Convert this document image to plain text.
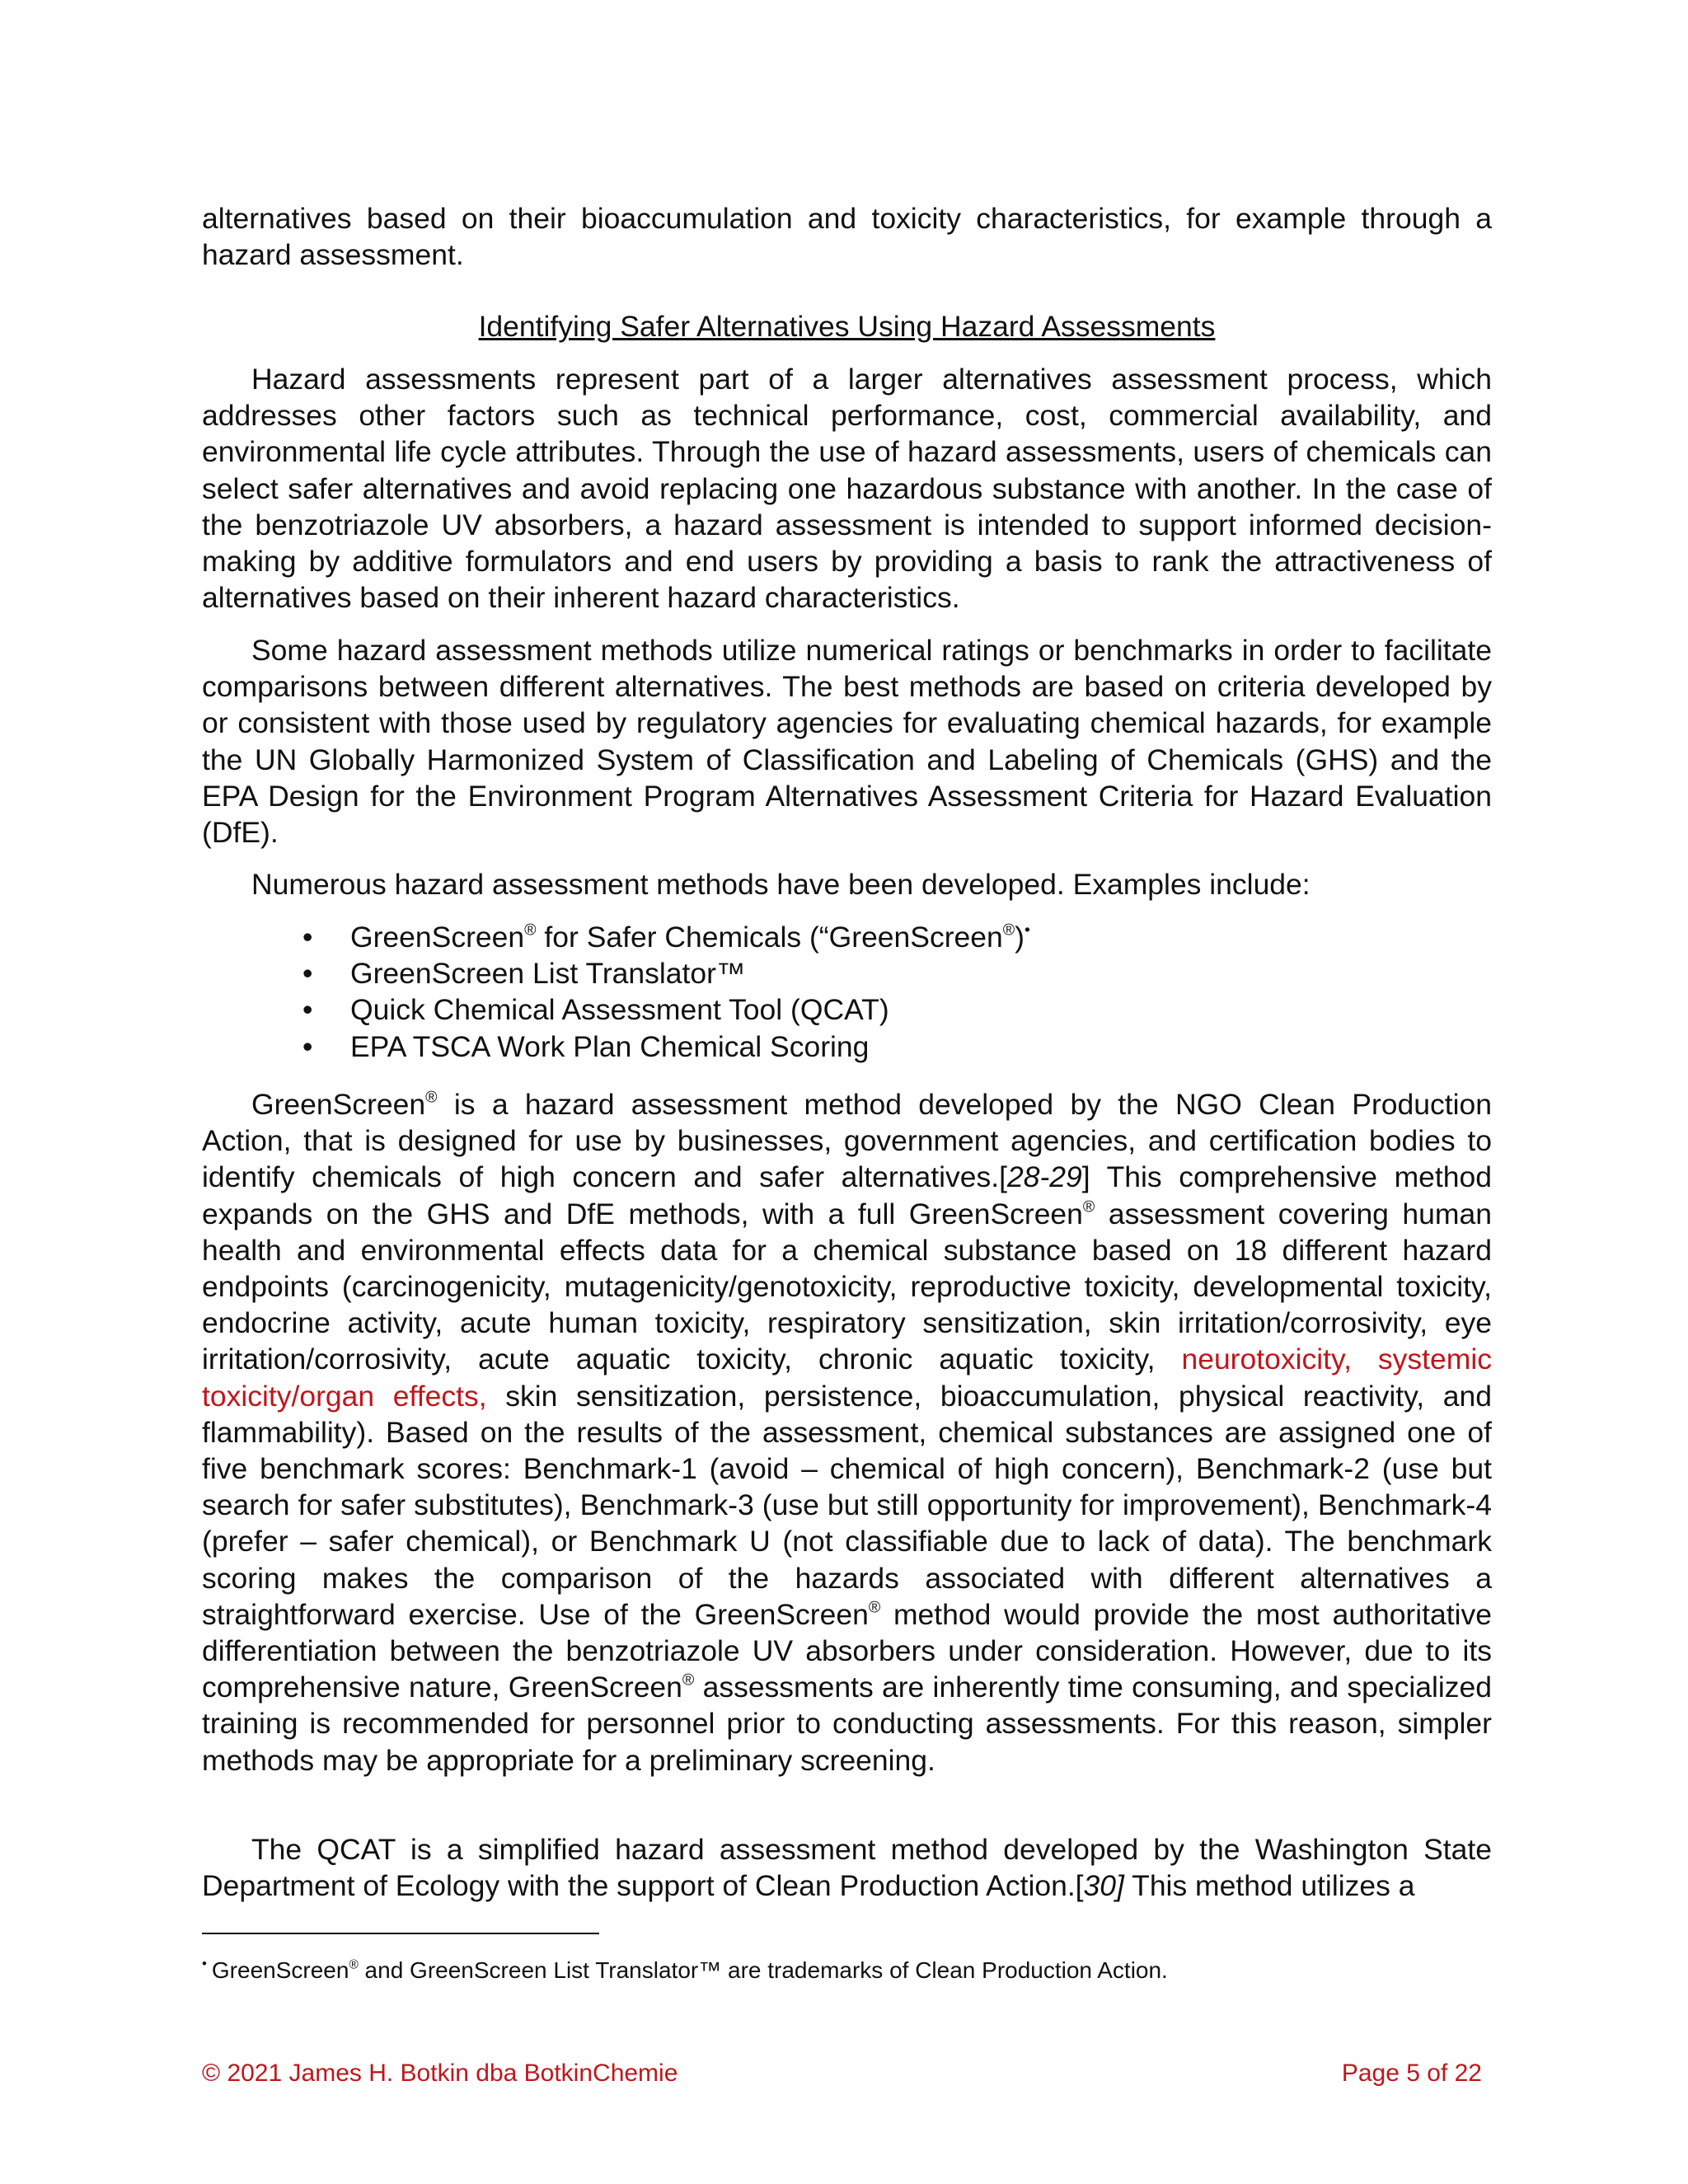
alternatives based on their bioaccumulation and toxicity characteristics, for example through a hazard assessment.

Identifying Safer Alternatives Using Hazard Assessments

Hazard assessments represent part of a larger alternatives assessment process, which addresses other factors such as technical performance, cost, commercial availability, and environmental life cycle attributes. Through the use of hazard assessments, users of chemicals can select safer alternatives and avoid replacing one hazardous substance with another. In the case of the benzotriazole UV absorbers, a hazard assessment is intended to support informed decision-making by additive formulators and end users by providing a basis to rank the attractiveness of alternatives based on their inherent hazard characteristics.

Some hazard assessment methods utilize numerical ratings or benchmarks in order to facilitate comparisons between different alternatives. The best methods are based on criteria developed by or consistent with those used by regulatory agencies for evaluating chemical hazards, for example the UN Globally Harmonized System of Classification and Labeling of Chemicals (GHS) and the EPA Design for the Environment Program Alternatives Assessment Criteria for Hazard Evaluation (DfE).

Numerous hazard assessment methods have been developed. Examples include:

• GreenScreen® for Safer Chemicals (“GreenScreen®)•
• GreenScreen List Translator™
• Quick Chemical Assessment Tool (QCAT)
• EPA TSCA Work Plan Chemical Scoring

GreenScreen® is a hazard assessment method developed by the NGO Clean Production Action, that is designed for use by businesses, government agencies, and certification bodies to identify chemicals of high concern and safer alternatives.[28-29] This comprehensive method expands on the GHS and DfE methods, with a full GreenScreen® assessment covering human health and environmental effects data for a chemical substance based on 18 different hazard endpoints (carcinogenicity, mutagenicity/genotoxicity, reproductive toxicity, developmental toxicity, endocrine activity, acute human toxicity, respiratory sensitization, skin irritation/corrosivity, eye irritation/corrosivity, acute aquatic toxicity, chronic aquatic toxicity, neurotoxicity, systemic toxicity/organ effects, skin sensitization, persistence, bioaccumulation, physical reactivity, and flammability). Based on the results of the assessment, chemical substances are assigned one of five benchmark scores: Benchmark-1 (avoid – chemical of high concern), Benchmark-2 (use but search for safer substitutes), Benchmark-3 (use but still opportunity for improvement), Benchmark-4 (prefer – safer chemical), or Benchmark U (not classifiable due to lack of data). The benchmark scoring makes the comparison of the hazards associated with different alternatives a straightforward exercise. Use of the GreenScreen® method would provide the most authoritative differentiation between the benzotriazole UV absorbers under consideration. However, due to its comprehensive nature, GreenScreen® assessments are inherently time consuming, and specialized training is recommended for personnel prior to conducting assessments. For this reason, simpler methods may be appropriate for a preliminary screening.

The QCAT is a simplified hazard assessment method developed by the Washington State Department of Ecology with the support of Clean Production Action.[30] This method utilizes a

• GreenScreen® and GreenScreen List Translator™ are trademarks of Clean Production Action.
© 2021 James H. Botkin dba BotkinChemie	Page 5 of 22
